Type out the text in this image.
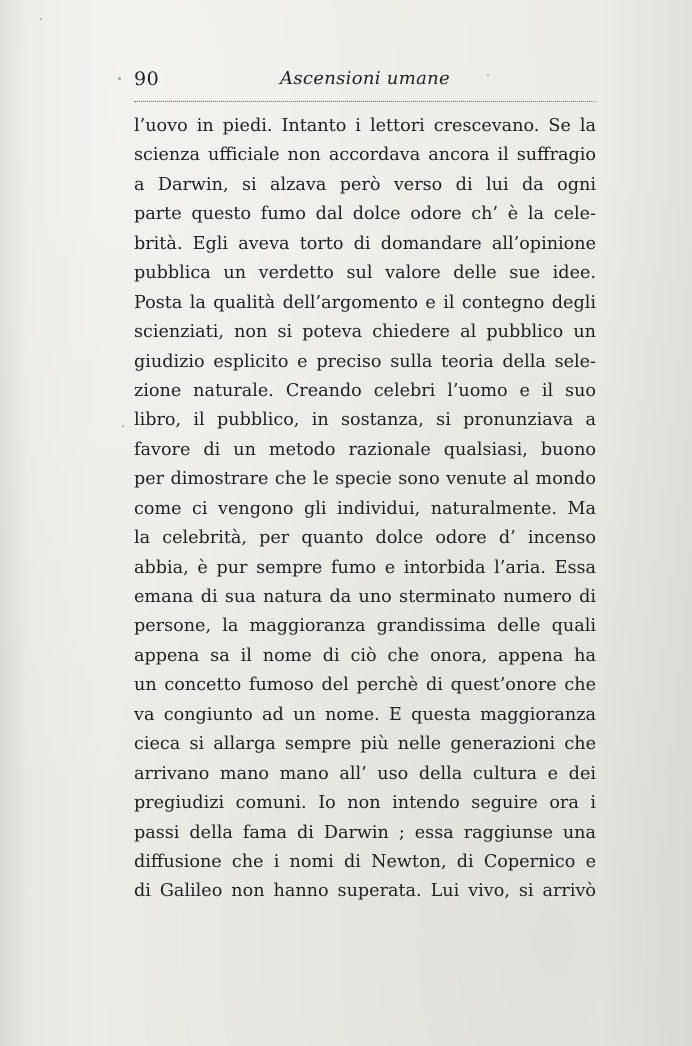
90	Ascensioni umane
l’uovo in piedi. Intanto i lettori crescevano. Se la
scienza ufficiale non accordava ancora il suffragio
a Darwin, si alzava però verso di lui da ogni
parte questo fumo dal dolce odore ch’ è la cele-
brità. Egli aveva torto di domandare all’opinione
pubblica un verdetto sul valore delle sue idee.
Posta la qualità dell’argomento e il contegno degli
scienziati, non si poteva chiedere al pubblico un
giudizio esplicito e preciso sulla teoria della sele-
zione naturale. Creando celebri l’uomo e il suo
libro, il pubblico, in sostanza, si pronunziava a
favore di un metodo razionale qualsiasi, buono
per dimostrare che le specie sono venute al mondo
come ci vengono gli individui, naturalmente. Ma
la celebrità, per quanto dolce odore d’ incenso
abbia, è pur sempre fumo e intorbida l’aria. Essa
emana di sua natura da uno sterminato numero di
persone, la maggioranza grandissima delle quali
appena sa il nome di ciò che onora, appena ha
un concetto fumoso del perchè di quest’onore che
va congiunto ad un nome. E questa maggioranza
cieca si allarga sempre più nelle generazioni che
arrivano mano mano all’ uso della cultura e dei
pregiudizi comuni. Io non intendo seguire ora i
passi della fama di Darwin ; essa raggiunse una
diffusione che i nomi di Newton, di Copernico e
di Galileo non hanno superata. Lui vivo, si arrivò
